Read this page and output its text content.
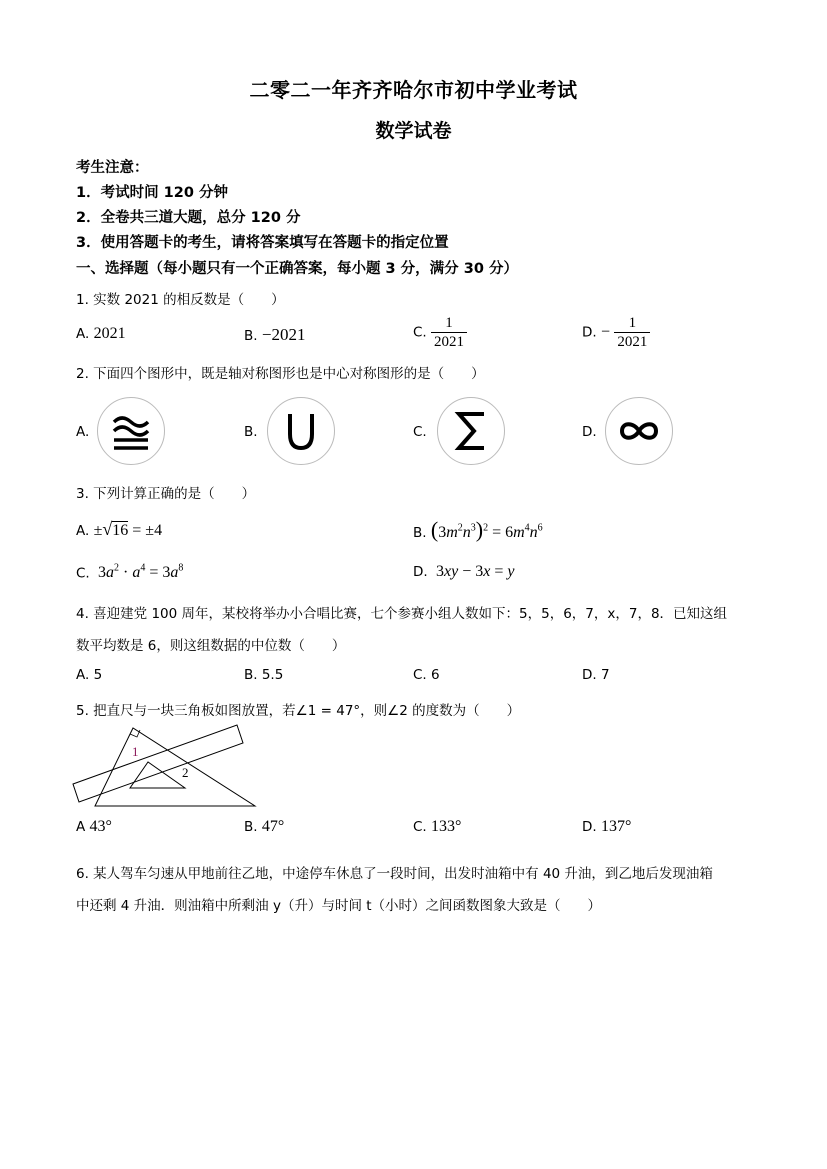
二零二一年齐齐哈尔市初中学业考试
数学试卷
考生注意：
1．考试时间 120 分钟
2．全卷共三道大题，总分 120 分
3．使用答题卡的考生，请将答案填写在答题卡的指定位置
一、选择题（每小题只有一个正确答案，每小题 3 分，满分 30 分）
1. 实数 2021 的相反数是（　　）
A. 2021	B. −2021	C. $\frac{1}{2021}$	D. − $\frac{1}{2021}$
2. 下面四个图形中，既是轴对称图形也是中心对称图形的是（　　）
A.	B.	C.	D.
3. 下列计算正确的是（　　）
A. ±√16 = ±4	B. $(3m^2n^3)^2 = 6m^4n^6$
C.  $3a^2 \cdot a^4 = 3a^8$	D.  3xy − 3x = y
4. 喜迎建党 100 周年，某校将举办小合唱比赛，七个参赛小组人数如下：5，5，6，7，x，7，8．已知这组
数平均数是 6，则这组数据的中位数（　　）
A. 5	B. 5.5	C. 6	D. 7
5. 把直尺与一块三角板如图放置，若∠1 = 47°，则∠2 的度数为（　　）
1
2
A 43°	B. 47°	C. 133°	D. 137°
6. 某人驾车匀速从甲地前往乙地，中途停车休息了一段时间，出发时油箱中有 40 升油，到乙地后发现油箱
中还剩 4 升油．则油箱中所剩油 y（升）与时间 t（小时）之间函数图象大致是（　　）
